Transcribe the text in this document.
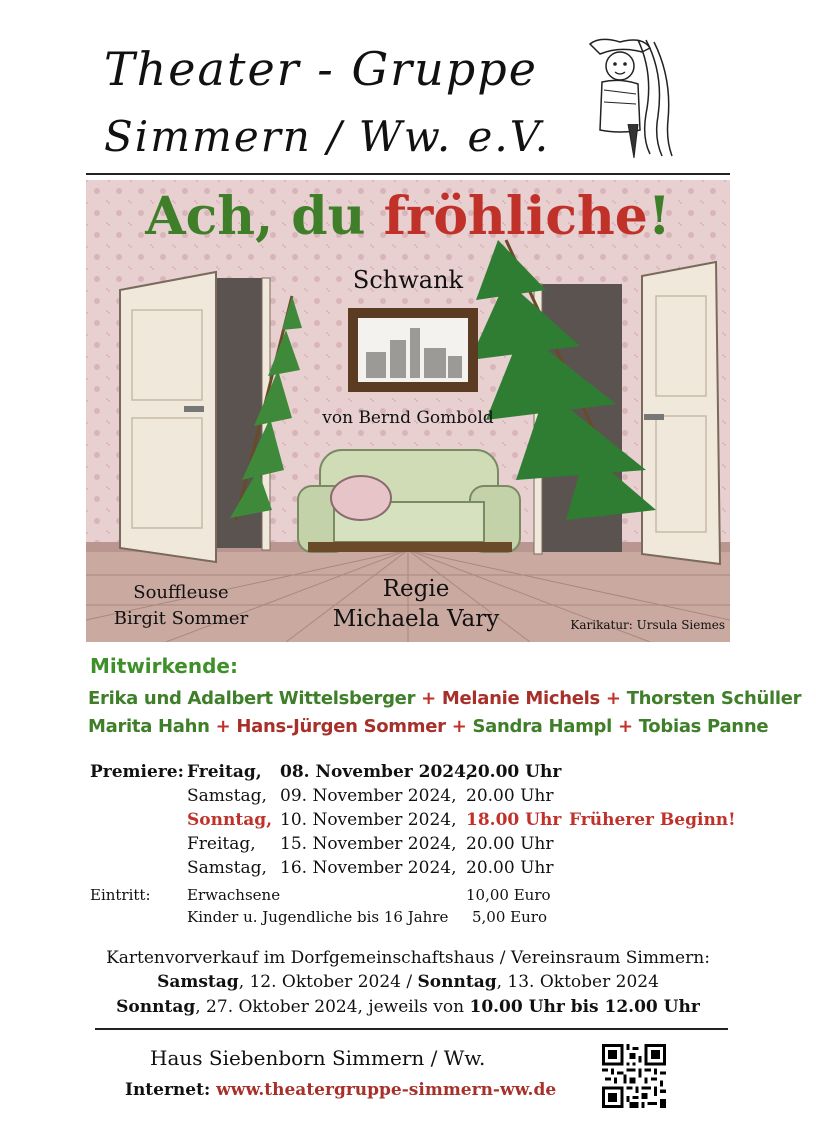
Theater - Gruppe
Simmern / Ww. e.V.
Ach, du fröhliche!
Schwank
von Bernd Gombold
Souffleuse
Birgit Sommer
Regie
Michaela Vary	Karikatur: Ursula Siemes
Mitwirkende:
Erika und Adalbert Wittelsberger + Melanie Michels + Thorsten Schüller
Marita Hahn + Hans-Jürgen Sommer + Sandra Hampl + Tobias Panne
Premiere: Freitag, 08. November 2024,
20.00 Uhr
Samstag, 09. November 2024, 20.00 Uhr
Sonntag, 10. November 2024, 18.00 Uhr Früherer Beginn!
Freitag, 15. November 2024, 20.00 Uhr
Samstag, 16. November 2024, 20.00 Uhr
Eintritt: Erwachsene	10,00 Euro
Kinder u. Jugendliche bis 16 Jahre 5,00 Euro
Kartenvorverkauf im Dorfgemeinschaftshaus / Vereinsraum Simmern:
Samstag, 12. Oktober 2024 / Sonntag, 13. Oktober 2024
Sonntag, 27. Oktober 2024, jeweils von 10.00 Uhr bis 12.00 Uhr
Haus Siebenborn Simmern / Ww.
Internet: www.theatergruppe-simmern-ww.de
